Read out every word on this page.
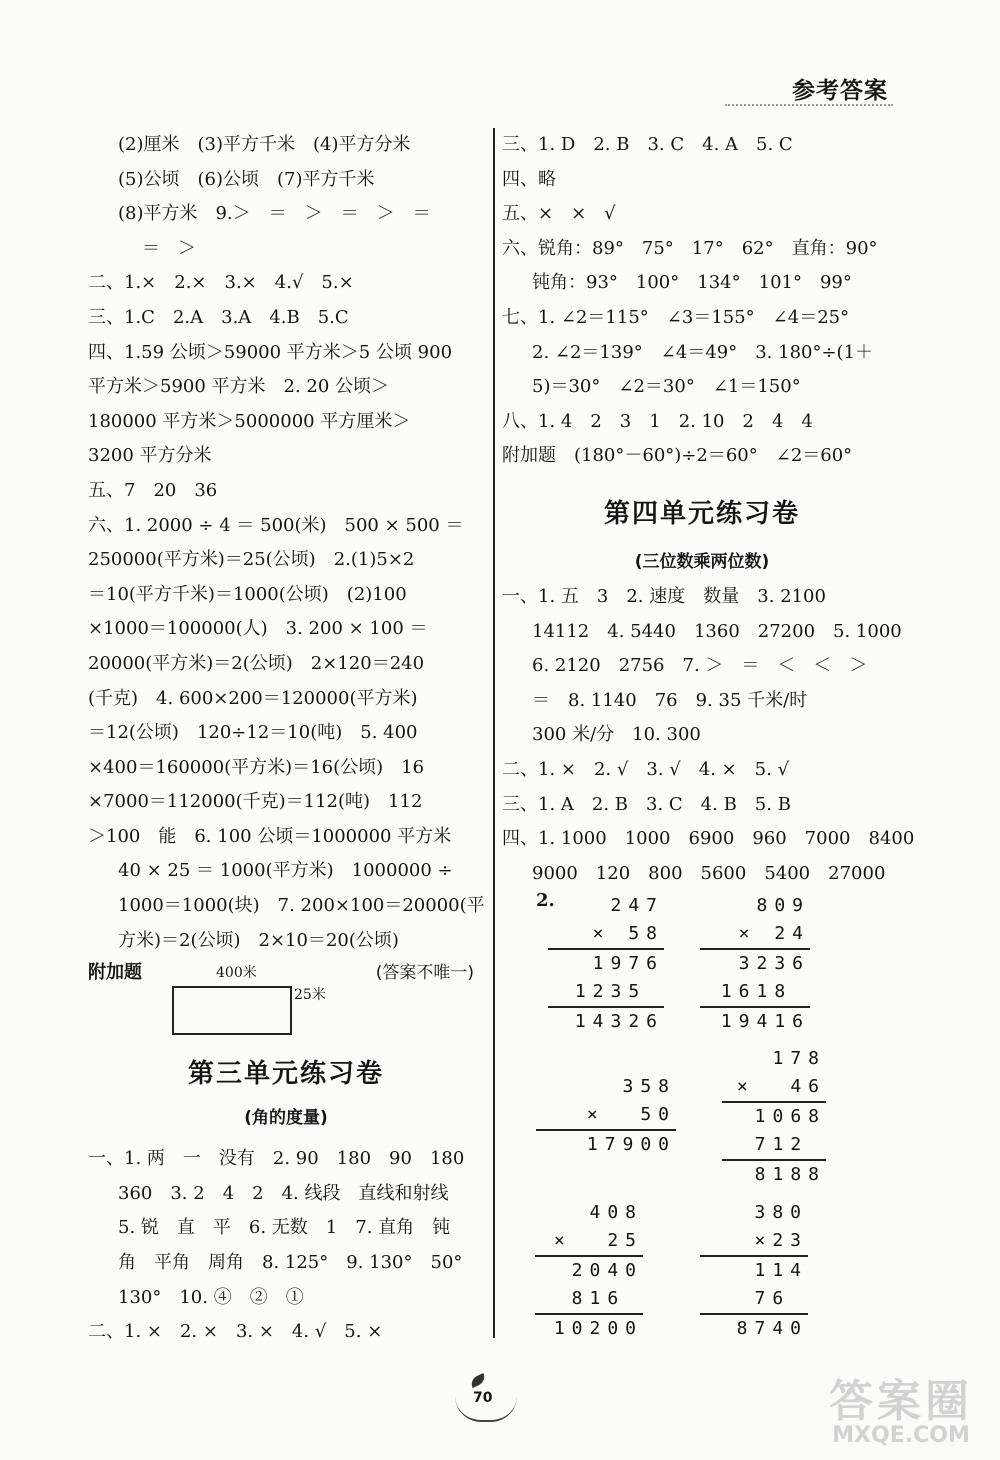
参考答案
(2)厘米　(3)平方千米　(4)平方分米
(5)公顷　(6)公顷　(7)平方千米
(8)平方米　9.＞　＝　＞　＝　＞　＝
＝　＞
二、1.×　2.×　3.×　4.√　5.×
三、1.C　2.A　3.A　4.B　5.C
四、1.59 公顷＞59000 平方米＞5 公顷 900
平方米＞5900 平方米　2. 20 公顷＞
180000 平方米＞5000000 平方厘米＞
3200 平方分米
五、7　20　36
六、1. 2000 ÷ 4 ＝ 500(米)　500 × 500 ＝
250000(平方米)＝25(公顷)　2.(1)5×2
＝10(平方千米)＝1000(公顷)　(2)100
×1000＝100000(人)　3. 200 × 100 ＝
20000(平方米)＝2(公顷)　2×120＝240
(千克)　4. 600×200＝120000(平方米)
＝12(公顷)　120÷12＝10(吨)　5. 400
×400＝160000(平方米)＝16(公顷)　16
×7000＝112000(千克)＝112(吨)　112
＞100　能　6. 100 公顷＝1000000 平方米
40 × 25 ＝ 1000(平方米)　1000000 ÷
1000＝1000(块)　7. 200×100＝20000(平
方米)＝2(公顷)　2×10＝20(公顷)
附加题	400米
25米
(答案不唯一)
第三单元练习卷
(角的度量)
一、1. 两　一　没有　2. 90　180　90　180
360　3. 2　4　2　4. 线段　直线和射线
5. 锐　直　平　6. 无数　1　7. 直角　钝
角　平角　周角　8. 125°　9. 130°　50°
130°　10. ④　②　①
二、1. ×　2. ×　3. ×　4. √　5. ×
三、1. D　2. B　3. C　4. A　5. C
四、略
五、×　×　√
六、锐角：89°　75°　17°　62°　直角：90°
钝角：93°　100°　134°　101°　99°
七、1. ∠2＝115°　∠3＝155°　∠4＝25°
2. ∠2＝139°　∠4＝49°　3. 180°÷(1＋
5)＝30°　∠2＝30°　∠1＝150°
八、1. 4　2　3　1　2. 10　2　4　4
附加题　(180°－60°)÷2＝60°　∠2＝60°
第四单元练习卷
(三位数乘两位数)
一、1. 五　3　2. 速度　数量　3. 2100
14112　4. 5440　1360　27200　5. 1000
6. 2120　2756　7. ＞　＝　＜　＜　＞
＝　8. 1140　76　9. 35 千米/时
300 米/分　10. 300
二、1. ×　2. √　3. √　4. ×　5. √
三、1. A　2. B　3. C　4. B　5. B
四、1. 1000　1000　6900　960　7000　8400
9000　120　800　5600　5400　27000
2.	247
× 58
1976
1235
14326
809
× 24
3236
1618
19416
358
×  50
17900
178
×  46
1068
712
8188
408
×  25
2040
816
10200
380
×23
114
76
8740
70	答案圈
MXQE.COM
